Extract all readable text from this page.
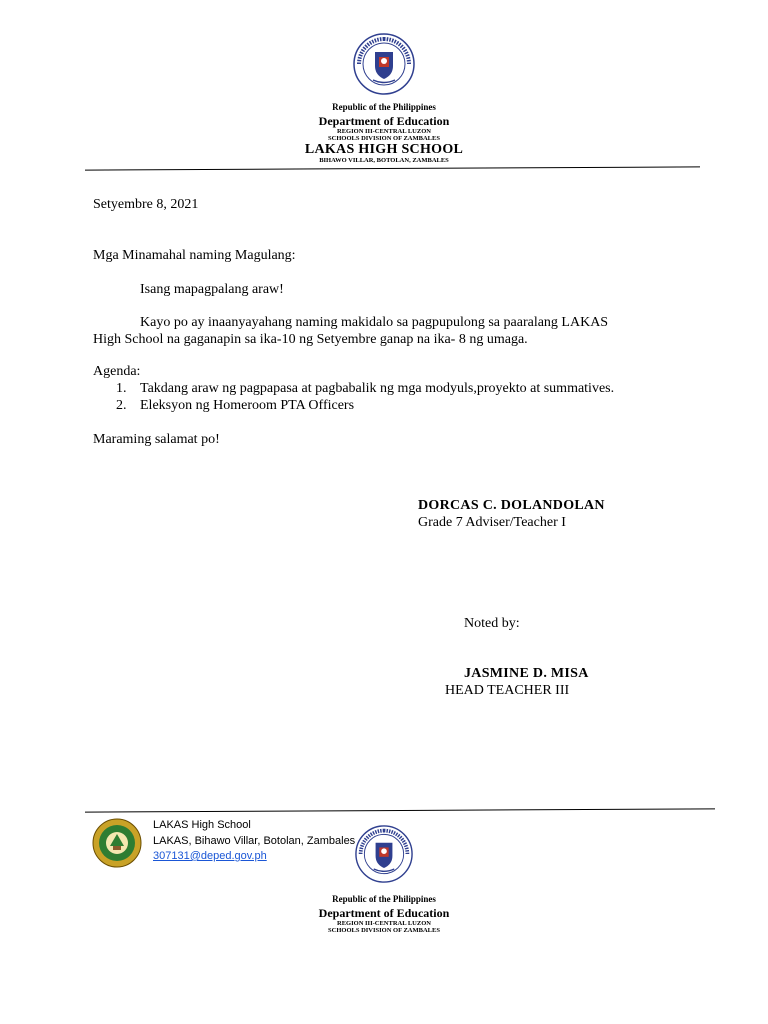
Republic of the Philippines
Department of Education
REGION III-CENTRAL LUZON
SCHOOLS DIVISION OF ZAMBALES
LAKAS HIGH SCHOOL
BIHAWO VILLAR, BOTOLAN, ZAMBALES
Setyembre 8, 2021
Mga Minamahal naming Magulang:
Isang mapagpalang araw!
Kayo po ay inaanyayahang naming makidalo sa pagpupulong sa paaralang LAKAS
High School na gaganapin sa ika-10 ng Setyembre ganap na ika- 8 ng umaga.
Agenda:
1. Takdang araw ng pagpapasa at pagbabalik ng mga modyuls,proyekto at summatives.
2. Eleksyon ng Homeroom PTA Officers
Maraming salamat po!
DORCAS C. DOLANDOLAN
Grade 7 Adviser/Teacher I
Noted by:
JASMINE D. MISA
HEAD TEACHER III
LAKAS High School
LAKAS, Bihawo Villar, Botolan, Zambales
307131@deped.gov.ph
Republic of the Philippines
Department of Education
REGION III-CENTRAL LUZON
SCHOOLS DIVISION OF ZAMBALES
